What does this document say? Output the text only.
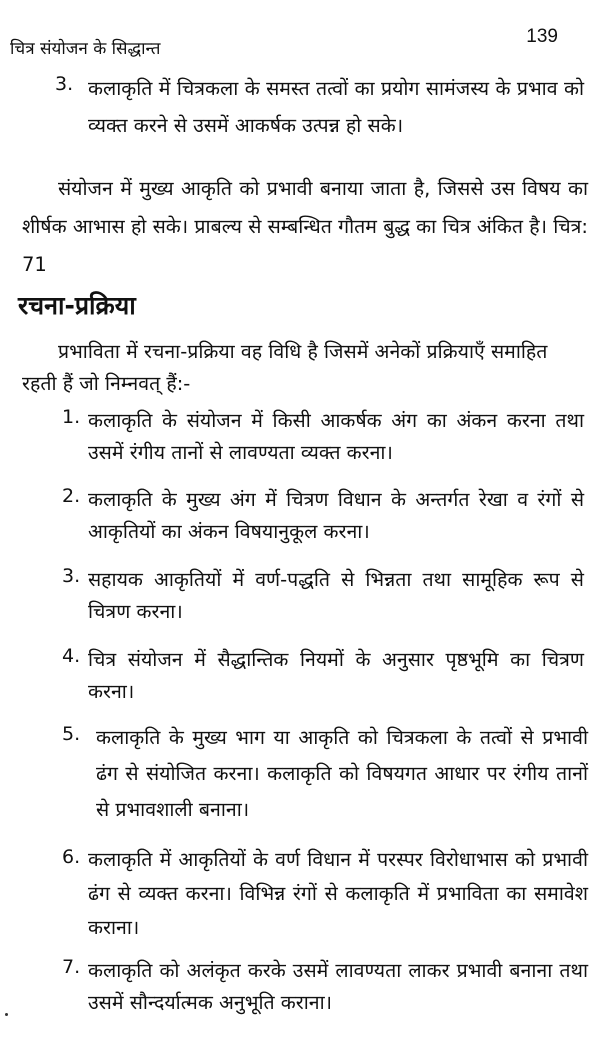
चित्र संयोजन के सिद्धान्त
139
3. कलाकृति में चित्रकला के समस्त तत्वों का प्रयोग सामंजस्य के प्रभाव को व्यक्त करने से उसमें आकर्षक उत्पन्न हो सके।
संयोजन में मुख्य आकृति को प्रभावी बनाया जाता है, जिससे उस विषय का शीर्षक आभास हो सके। प्राबल्य से सम्बन्धित गौतम बुद्ध का चित्र अंकित है। चित्र: 71
रचना-प्रक्रिया
प्रभाविता में रचना-प्रक्रिया वह विधि है जिसमें अनेकों प्रक्रियाएँ समाहित रहती हैं जो निम्नवत् हैं:-
1. कलाकृति के संयोजन में किसी आकर्षक अंग का अंकन करना तथा उसमें रंगीय तानों से लावण्यता व्यक्त करना।
2. कलाकृति के मुख्य अंग में चित्रण विधान के अन्तर्गत रेखा व रंगों से आकृतियों का अंकन विषयानुकूल करना।
3. सहायक आकृतियों में वर्ण-पद्धति से भिन्नता तथा सामूहिक रूप से चित्रण करना।
4. चित्र संयोजन में सैद्धान्तिक नियमों के अनुसार पृष्ठभूमि का चित्रण करना।
5. कलाकृति के मुख्य भाग या आकृति को चित्रकला के तत्वों से प्रभावी ढंग से संयोजित करना। कलाकृति को विषयगत आधार पर रंगीय तानों से प्रभावशाली बनाना।
6. कलाकृति में आकृतियों के वर्ण विधान में परस्पर विरोधाभास को प्रभावी ढंग से व्यक्त करना। विभिन्न रंगों से कलाकृति में प्रभाविता का समावेश कराना।
7. कलाकृति को अलंकृत करके उसमें लावण्यता लाकर प्रभावी बनाना तथा उसमें सौन्दर्यात्मक अनुभूति कराना।
